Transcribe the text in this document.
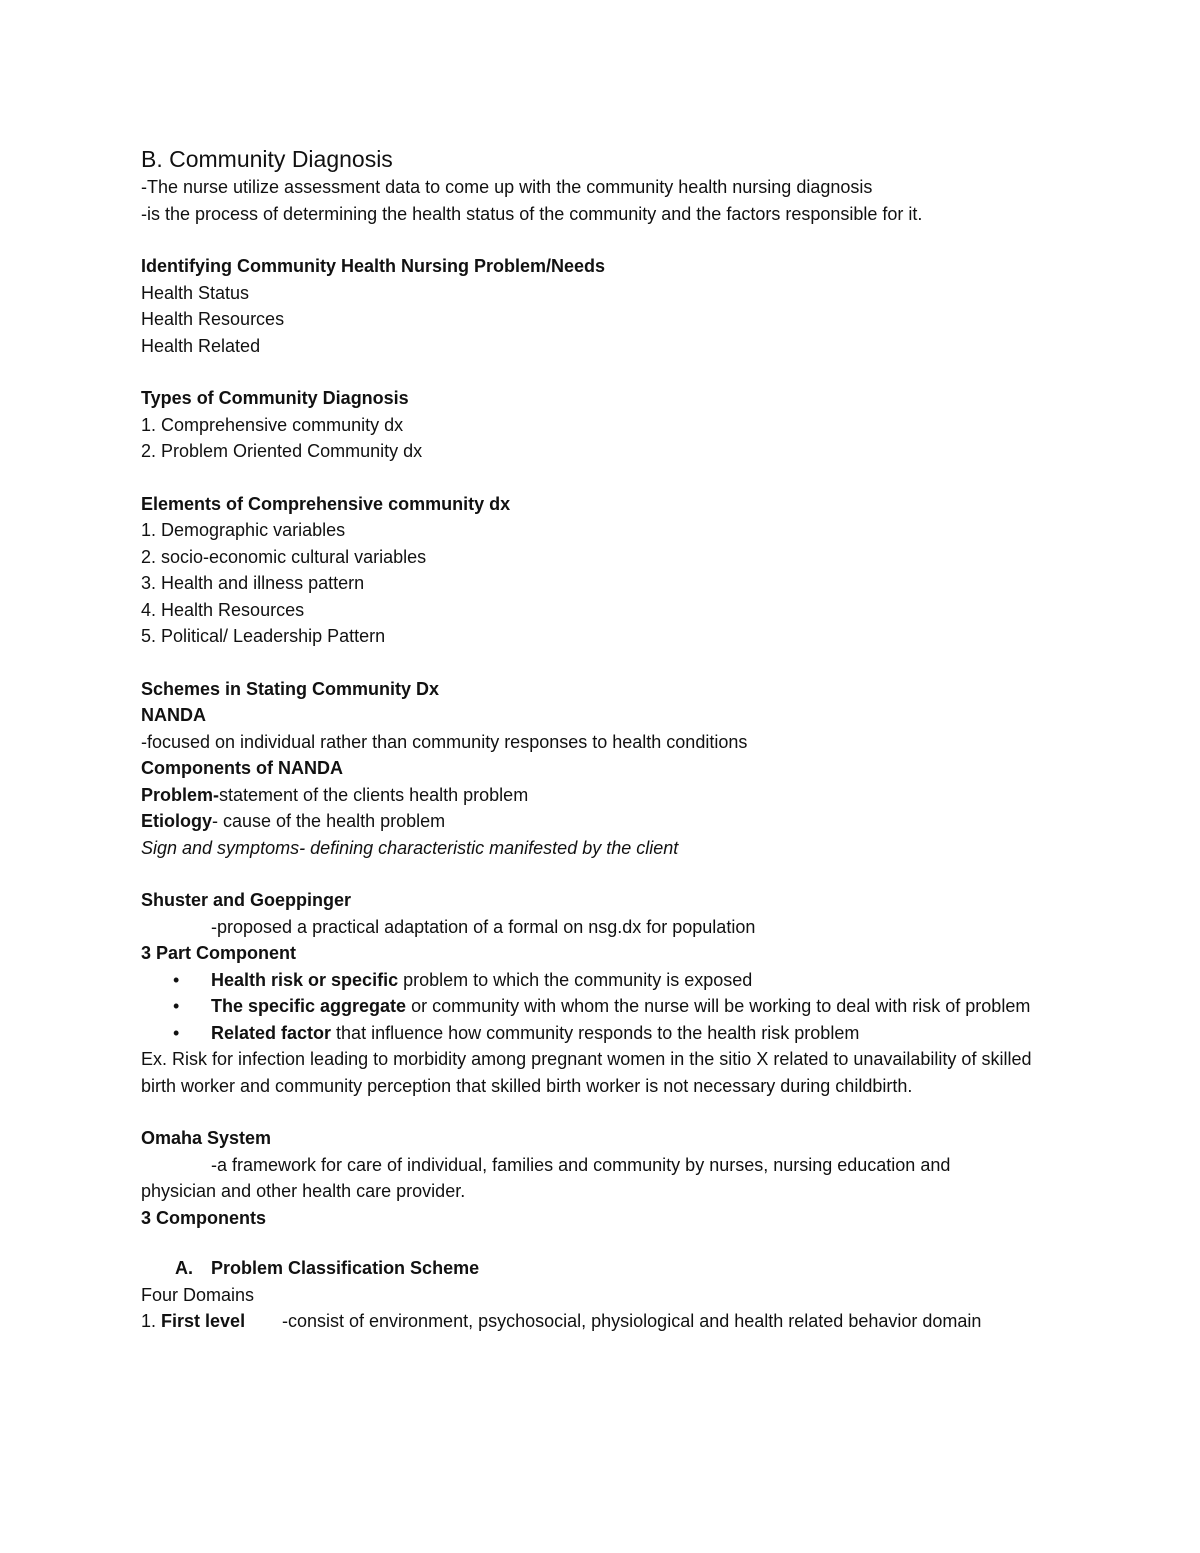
B. Community Diagnosis
-The nurse utilize assessment data to come up with the community health nursing diagnosis
-is the process of determining the health status of the community and the factors responsible for it.
Identifying Community Health Nursing Problem/Needs
Health Status
Health Resources
Health Related
Types of Community Diagnosis
1. Comprehensive community dx
2. Problem Oriented Community dx
Elements of Comprehensive community dx
1. Demographic variables
2. socio-economic cultural variables
3. Health and illness pattern
4. Health Resources
5. Political/ Leadership Pattern
Schemes in Stating Community Dx
NANDA
-focused on individual rather than community responses to health conditions
Components of NANDA
Problem-statement of the clients health problem
Etiology- cause of the health problem
Sign and symptoms- defining characteristic manifested by the client
Shuster and Goeppinger
-proposed a practical adaptation of a formal on nsg.dx for population
3 Part Component
• Health risk or specific problem to which the community is exposed
• The specific aggregate or community with whom the nurse will be working to deal with risk of problem
• Related factor that influence how community responds to the health risk problem
Ex. Risk for infection leading to morbidity among pregnant women in the sitio X related to unavailability of skilled birth worker and community perception that skilled birth worker is not necessary during childbirth.
Omaha System
-a framework for care of individual, families and community by nurses, nursing education and
physician and other health care provider.
3 Components
A. Problem Classification Scheme
Four Domains
1. First level -consist of environment, psychosocial, physiological and health related behavior domain
